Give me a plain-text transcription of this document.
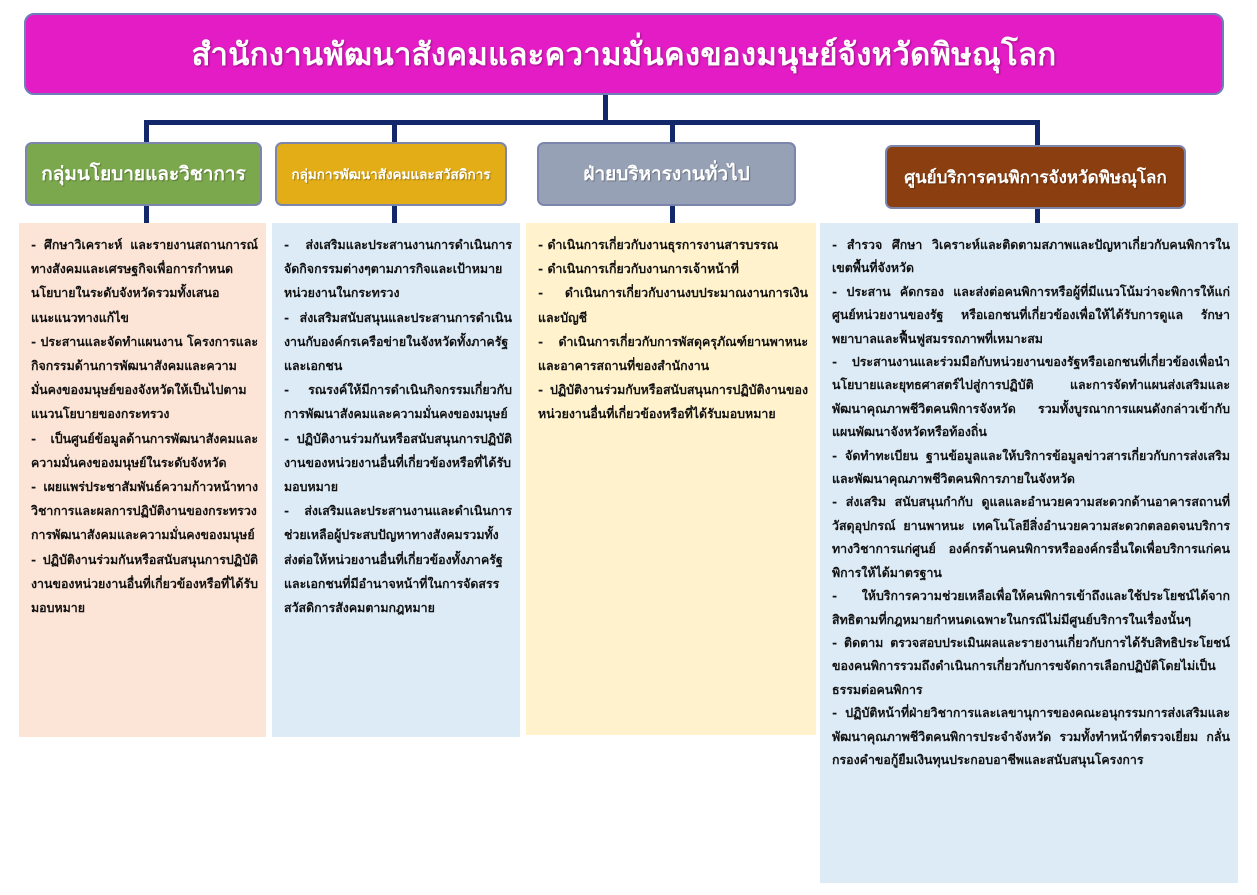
สำนักงานพัฒนาสังคมและความมั่นคงของมนุษย์จังหวัดพิษณุโลก
กลุ่มนโยบายและวิชาการ	กลุ่มการพัฒนาสังคมและสวัสดิการ	ฝ่ายบริหารงานทั่วไป	ศูนย์บริการคนพิการจังหวัดพิษณุโลก
- ศึกษาวิเคราะห์ และรายงานสถานการณ์ทางสังคมและเศรษฐกิจเพื่อการกำหนดนโยบายในระดับจังหวัดรวมทั้งเสนอแนะแนวทางแก้ไข
- ประสานและจัดทำแผนงาน โครงการและกิจกรรมด้านการพัฒนาสังคมและความมั่นคงของมนุษย์ของจังหวัดให้เป็นไปตามแนวนโยบายของกระทรวง
- เป็นศูนย์ข้อมูลด้านการพัฒนาสังคมและความมั่นคงของมนุษย์ในระดับจังหวัด
- เผยแพร่ประชาสัมพันธ์ความก้าวหน้าทางวิชาการและผลการปฏิบัติงานของกระทรวงการพัฒนาสังคมและความมั่นคงของมนุษย์
- ปฏิบัติงานร่วมกันหรือสนับสนุนการปฏิบัติงานของหน่วยงานอื่นที่เกี่ยวข้องหรือที่ได้รับมอบหมาย
- ส่งเสริมและประสานงานการดำเนินการจัดกิจกรรมต่างๆตามภารกิจและเป้าหมายหน่วยงานในกระทรวง
- ส่งเสริมสนับสนุนและประสานการดำเนินงานกับองค์กรเครือข่ายในจังหวัดทั้งภาครัฐและเอกชน
- รณรงค์ให้มีการดำเนินกิจกรรมเกี่ยวกับการพัฒนาสังคมและความมั่นคงของมนุษย์
- ปฏิบัติงานร่วมกันหรือสนับสนุนการปฏิบัติงานของหน่วยงานอื่นที่เกี่ยวข้องหรือที่ได้รับมอบหมาย
- ส่งเสริมและประสานงานและดำเนินการช่วยเหลือผู้ประสบปัญหาทางสังคมรวมทั้งส่งต่อให้หน่วยงานอื่นที่เกี่ยวข้องทั้งภาครัฐและเอกชนที่มีอำนาจหน้าที่ในการจัดสรรสวัสดิการสังคมตามกฎหมาย
- ดำเนินการเกี่ยวกับงานธุรการงานสารบรรณ
- ดำเนินการเกี่ยวกับงานการเจ้าหน้าที่
- ดำเนินการเกี่ยวกับงานงบประมาณงานการเงินและบัญชี
- ดำเนินการเกี่ยวกับการพัสดุครุภัณฑ์ยานพาหนะและอาคารสถานที่ของสำนักงาน
- ปฏิบัติงานร่วมกับหรือสนับสนุนการปฏิบัติงานของหน่วยงานอื่นที่เกี่ยวข้องหรือที่ได้รับมอบหมาย
- สำรวจ ศึกษา วิเคราะห์และติดตามสภาพและปัญหาเกี่ยวกับคนพิการในเขตพื้นที่จังหวัด
- ประสาน คัดกรอง และส่งต่อคนพิการหรือผู้ที่มีแนวโน้มว่าจะพิการให้แก่ศูนย์หน่วยงานของรัฐ หรือเอกชนที่เกี่ยวข้องเพื่อให้ได้รับการดูแล รักษาพยาบาลและฟื้นฟูสมรรถภาพที่เหมาะสม
- ประสานงานและร่วมมือกับหน่วยงานของรัฐหรือเอกชนที่เกี่ยวข้องเพื่อนำนโยบายและยุทธศาสตร์ไปสู่การปฏิบัติ และการจัดทำแผนส่งเสริมและพัฒนาคุณภาพชีวิตคนพิการจังหวัด รวมทั้งบูรณาการแผนดังกล่าวเข้ากับแผนพัฒนาจังหวัดหรือท้องถิ่น
- จัดทำทะเบียน ฐานข้อมูลและให้บริการข้อมูลข่าวสารเกี่ยวกับการส่งเสริมและพัฒนาคุณภาพชีวิตคนพิการภายในจังหวัด
- ส่งเสริม สนับสนุนกำกับ ดูแลและอำนวยความสะดวกด้านอาคารสถานที่ วัสดุอุปกรณ์ ยานพาหนะ เทคโนโลยีสิ่งอำนวยความสะดวกตลอดจนบริการทางวิชาการแก่ศูนย์ องค์กรด้านคนพิการหรือองค์กรอื่นใดเพื่อบริการแก่คนพิการให้ได้มาตรฐาน
- ให้บริการความช่วยเหลือเพื่อให้คนพิการเข้าถึงและใช้ประโยชน์ได้จากสิทธิตามที่กฎหมายกำหนดเฉพาะในกรณีไม่มีศูนย์บริการในเรื่องนั้นๆ
- ติดตาม ตรวจสอบประเมินผลและรายงานเกี่ยวกับการได้รับสิทธิประโยชน์ของคนพิการรวมถึงดำเนินการเกี่ยวกับการขจัดการเลือกปฏิบัติโดยไม่เป็นธรรมต่อคนพิการ
- ปฏิบัติหน้าที่ฝ่ายวิชาการและเลขานุการของคณะอนุกรรมการส่งเสริมและพัฒนาคุณภาพชีวิตคนพิการประจำจังหวัด รวมทั้งทำหน้าที่ตรวจเยี่ยม กลั่นกรองคำขอกู้ยืมเงินทุนประกอบอาชีพและสนับสนุนโครงการ
